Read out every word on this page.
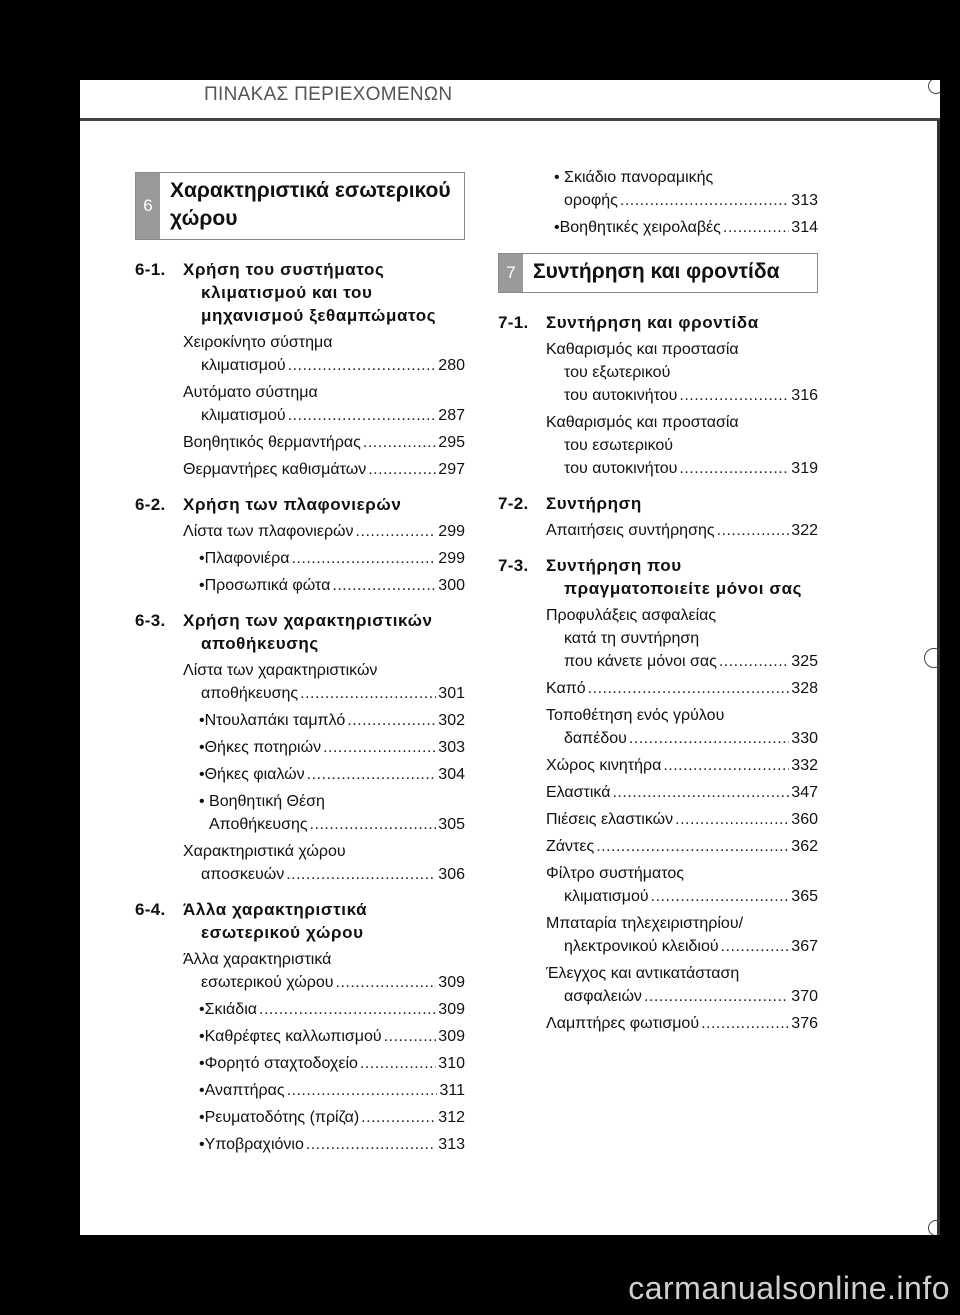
ΠΙΝΑΚΑΣ ΠΕΡΙΕΧΟΜΕΝΩΝ
6
Χαρακτηριστικά εσωτερικού
χώρου
6-1.	Χρήση του συστήματος
κλιματισμού και του
μηχανισμού ξεθαμπώματος
Χειροκίνητο σύστημα
κλιματισμού .....	280
Αυτόματο σύστημα
κλιματισμού .....	287
Βοηθητικός θερμαντήρας .....	295
Θερμαντήρες καθισμάτων .....	297
6-2.	Χρήση των πλαφονιερών
Λίστα των πλαφονιερών .....	299
• Πλαφονιέρα .....	299
• Προσωπικά φώτα .....	300
6-3.	Χρήση των χαρακτηριστικών
αποθήκευσης
Λίστα των χαρακτηριστικών
αποθήκευσης .....	301
• Ντουλαπάκι ταμπλό .....	302
• Θήκες ποτηριών .....	303
• Θήκες φιαλών .....	304
• Βοηθητική Θέση
Αποθήκευσης .....	305
Χαρακτηριστικά χώρου
αποσκευών .....	306
6-4.	Άλλα χαρακτηριστικά
εσωτερικού χώρου
Άλλα χαρακτηριστικά
εσωτερικού χώρου .....	309
• Σκιάδια .....	309
• Καθρέφτες καλλωπισμού .....	309
• Φορητό σταχτοδοχείο .....	310
• Αναπτήρας .....	311
• Ρευματοδότης (πρίζα) .....	312
• Υποβραχιόνιο .....	313
• Σκιάδιο πανοραμικής
οροφής .....	313
• Βοηθητικές χειρολαβές .....	314
7 Συντήρηση και φροντίδα
7-1.	Συντήρηση και φροντίδα
Καθαρισμός και προστασία
του εξωτερικού
του αυτοκινήτου .....	316
Καθαρισμός και προστασία
του εσωτερικού
του αυτοκινήτου .....	319
7-2.	Συντήρηση
Απαιτήσεις συντήρησης .....	322
7-3.	Συντήρηση που
πραγματοποιείτε μόνοι σας
Προφυλάξεις ασφαλείας
κατά τη συντήρηση
που κάνετε μόνοι σας .....	325
Καπό .....	328
Τοποθέτηση ενός γρύλου
δαπέδου .....	330
Χώρος κινητήρα .....	332
Ελαστικά .....	347
Πιέσεις ελαστικών .....	360
Ζάντες .....	362
Φίλτρο συστήματος
κλιματισμού .....	365
Μπαταρία τηλεχειριστηρίου/
ηλεκτρονικού κλειδιού .....	367
Έλεγχος και αντικατάσταση
ασφαλειών .....	370
Λαμπτήρες φωτισμού .....	376
carmanualsonline.info
